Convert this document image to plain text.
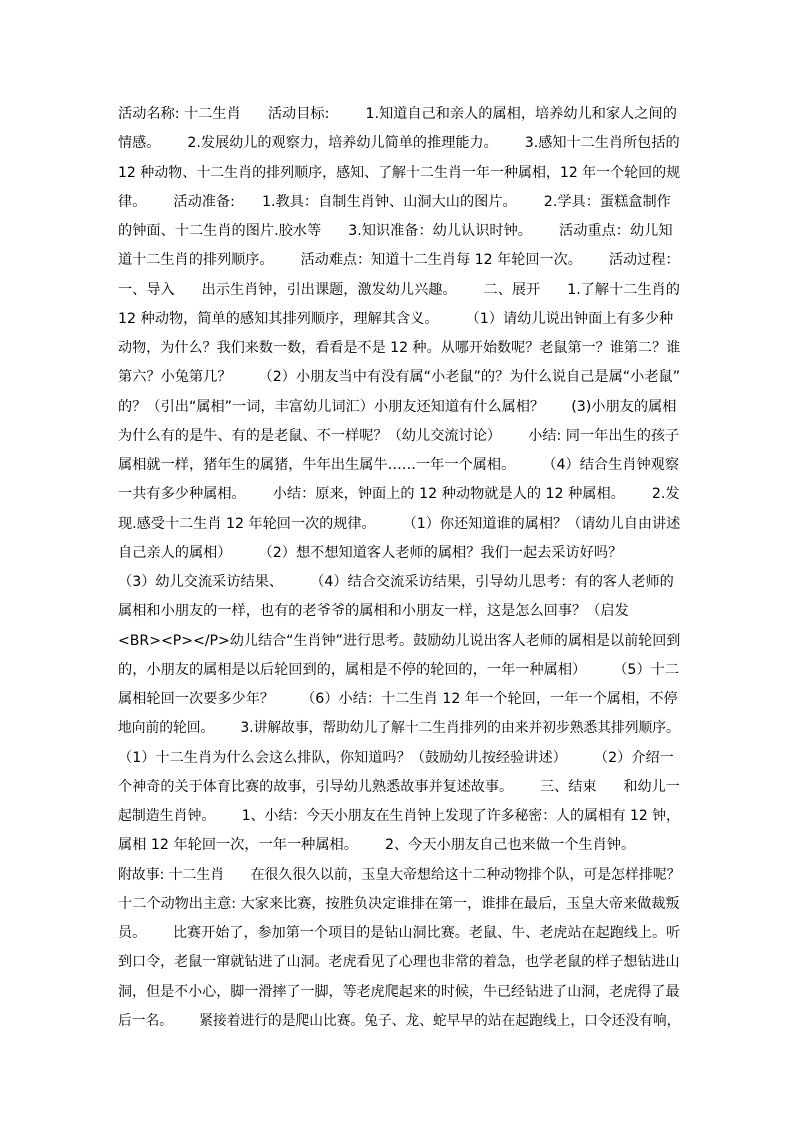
活动名称: 十二生肖      活动目标:        1.知道自己和亲人的属相，培养幼儿和家人之间的
情感。      2.发展幼儿的观察力，培养幼儿简单的推理能力。      3.感知十二生肖所包括的
12 种动物、十二生肖的排列顺序，感知、了解十二生肖一年一种属相，12 年一个轮回的规
律。      活动准备:      1.教具：自制生肖钟、山洞大山的图片。      2.学具：蛋糕盒制作
的钟面、十二生肖的图片.胶水等      3.知识准备：幼儿认识时钟。      活动重点：幼儿知
道十二生肖的排列顺序。      活动难点：知道十二生肖每 12 年轮回一次。      活动过程：
一、导入      出示生肖钟，引出课题，激发幼儿兴趣。      二、展开      1.了解十二生肖的
12 种动物，简单的感知其排列顺序，理解其含义。      （1）请幼儿说出钟面上有多少种
动物，为什么？我们来数一数，看看是不是 12 种。从哪开始数呢？老鼠第一？谁第二？谁
第六？小兔第几？      （2）小朋友当中有没有属“小老鼠”的？为什么说自己是属“小老鼠”
的？（引出“属相”一词，丰富幼儿词汇）小朋友还知道有什么属相？      (3)小朋友的属相
为什么有的是牛、有的是老鼠、不一样呢？（幼儿交流讨论）      小结: 同一年出生的孩子
属相就一样，猪年生的属猪，牛年出生属牛……一年一个属相。      （4）结合生肖钟观察
一共有多少种属相。      小结：原来，钟面上的 12 种动物就是人的 12 种属相。      2.发
现.感受十二生肖 12 年轮回一次的规律。      （1）你还知道谁的属相？（请幼儿自由讲述
自己亲人的属相）      （2）想不想知道客人老师的属相？我们一起去采访好吗？
（3）幼儿交流采访结果、      （4）结合交流采访结果，引导幼儿思考：有的客人老师的
属相和小朋友的一样，也有的老爷爷的属相和小朋友一样，这是怎么回事？（启发
<BR><P></P>幼儿结合“生肖钟”进行思考。鼓励幼儿说出客人老师的属相是以前轮回到
的，小朋友的属相是以后轮回到的，属相是不停的轮回的，一年一种属相）      （5）十二
属相轮回一次要多少年？      （6）小结：十二生肖 12 年一个轮回，一年一个属相，不停
地向前的轮回。      3.讲解故事，帮助幼儿了解十二生肖排列的由来并初步熟悉其排列顺序。
（1）十二生肖为什么会这么排队，你知道吗？（鼓励幼儿按经验讲述）      （2）介绍一
个神奇的关于体育比赛的故事，引导幼儿熟悉故事并复述故事。      三、结束      和幼儿一
起制造生肖钟。      1、小结：今天小朋友在生肖钟上发现了许多秘密：人的属相有 12 钟，
属相 12 年轮回一次，一年一种属相。      2、今天小朋友自己也来做一个生肖钟。
附故事: 十二生肖      在很久很久以前，玉皇大帝想给这十二种动物排个队，可是怎样排呢？
十二个动物出主意: 大家来比赛，按胜负决定谁排在第一，谁排在最后，玉皇大帝来做裁叛
员。      比赛开始了，参加第一个项目的是钻山洞比赛。老鼠、牛、老虎站在起跑线上。听
到口令，老鼠一窜就钻进了山洞。老虎看见了心理也非常的着急，也学老鼠的样子想钻进山
洞，但是不小心，脚一滑摔了一脚，等老虎爬起来的时候，牛已经钻进了山洞，老虎得了最
后一名。      紧接着进行的是爬山比赛。兔子、龙、蛇早早的站在起跑线上，口令还没有响，
